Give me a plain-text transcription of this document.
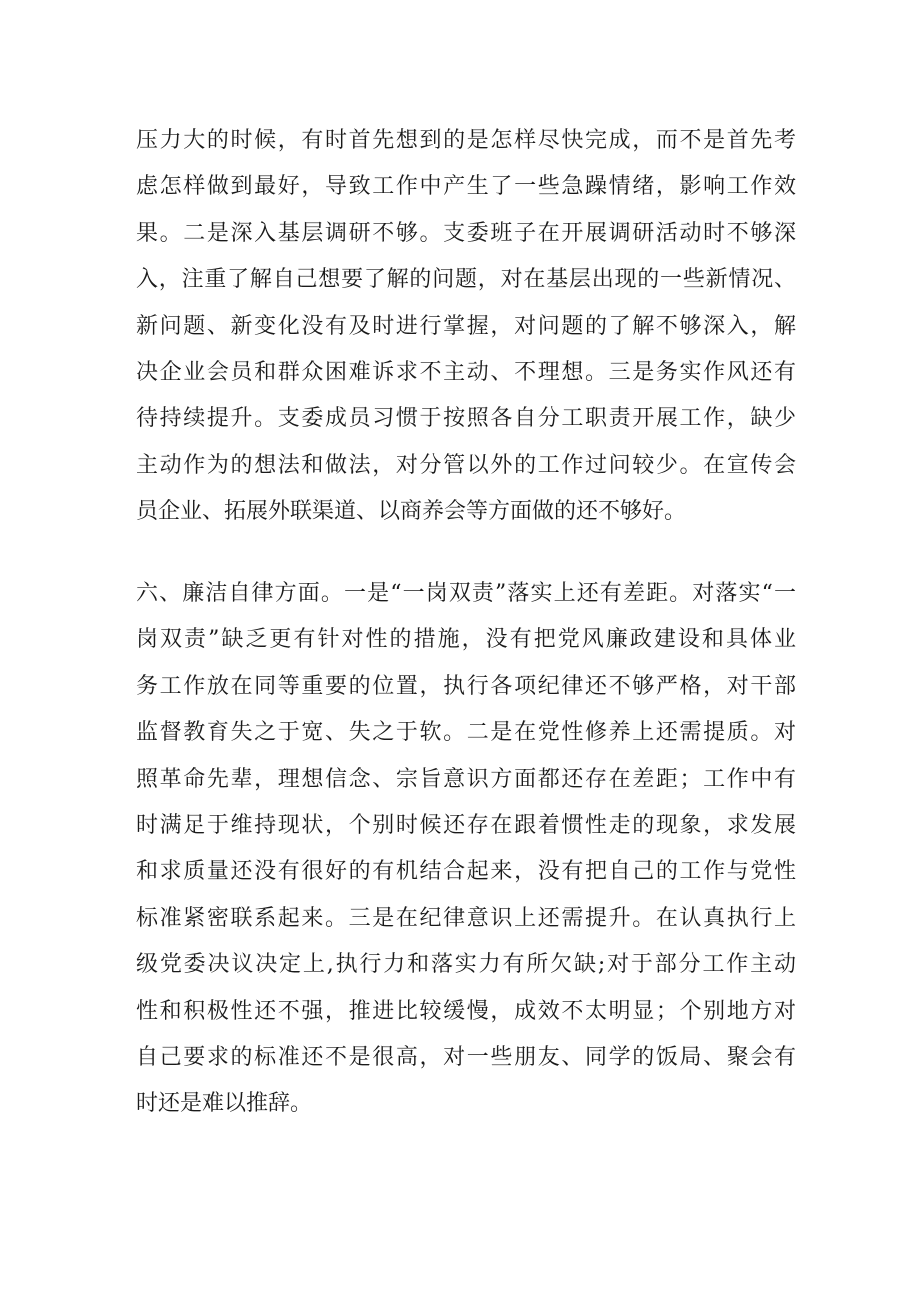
压力大的时候，有时首先想到的是怎样尽快完成，而不是首先考
虑怎样做到最好，导致工作中产生了一些急躁情绪，影响工作效
果。二是深入基层调研不够。支委班子在开展调研活动时不够深
入，注重了解自己想要了解的问题，对在基层出现的一些新情况、
新问题、新变化没有及时进行掌握，对问题的了解不够深入，解
决企业会员和群众困难诉求不主动、不理想。三是务实作风还有
待持续提升。支委成员习惯于按照各自分工职责开展工作，缺少
主动作为的想法和做法，对分管以外的工作过问较少。在宣传会
员企业、拓展外联渠道、以商养会等方面做的还不够好。
六、廉洁自律方面。一是“一岗双责”落实上还有差距。对落实“一
岗双责”缺乏更有针对性的措施，没有把党风廉政建设和具体业
务工作放在同等重要的位置，执行各项纪律还不够严格，对干部
监督教育失之于宽、失之于软。二是在党性修养上还需提质。对
照革命先辈，理想信念、宗旨意识方面都还存在差距；工作中有
时满足于维持现状，个别时候还存在跟着惯性走的现象，求发展
和求质量还没有很好的有机结合起来，没有把自己的工作与党性
标准紧密联系起来。三是在纪律意识上还需提升。在认真执行上
级党委决议决定上,执行力和落实力有所欠缺;对于部分工作主动
性和积极性还不强，推进比较缓慢，成效不太明显；个别地方对
自己要求的标准还不是很高，对一些朋友、同学的饭局、聚会有
时还是难以推辞。
